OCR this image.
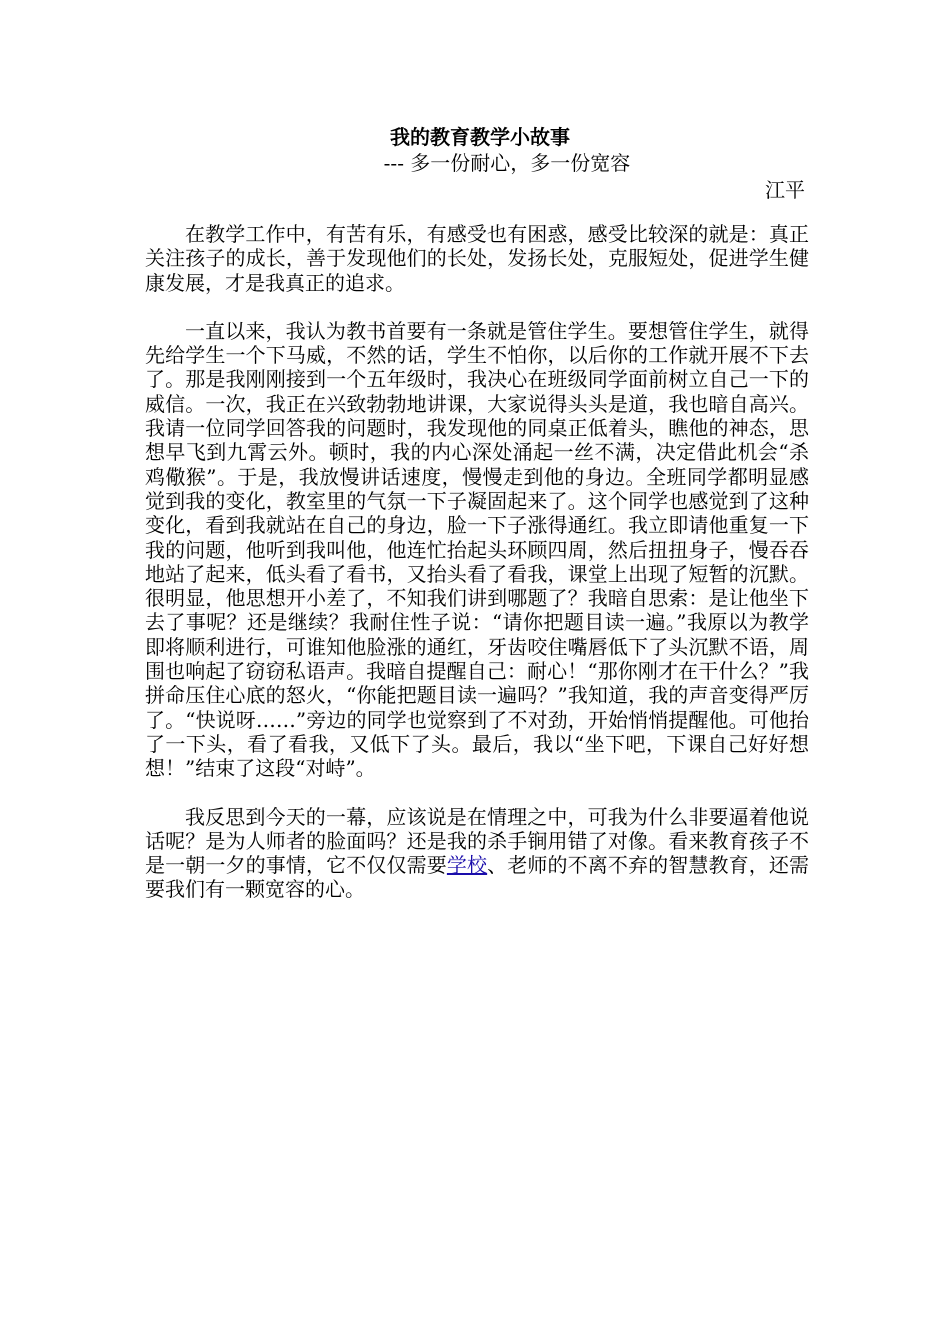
我的教育教学小故事
--- 多一份耐心，多一份宽容
江平

在教学工作中，有苦有乐，有感受也有困惑，感受比较深的就是：真正关注孩子的成长，善于发现他们的长处，发扬长处，克服短处，促进学生健康发展，才是我真正的追求。

一直以来，我认为教书首要有一条就是管住学生。要想管住学生，就得先给学生一个下马威，不然的话，学生不怕你，以后你的工作就开展不下去了。那是我刚刚接到一个五年级时，我决心在班级同学面前树立自己一下的威信。一次，我正在兴致勃勃地讲课，大家说得头头是道，我也暗自高兴。我请一位同学回答我的问题时，我发现他的同桌正低着头，瞧他的神态，思想早飞到九霄云外。顿时，我的内心深处涌起一丝不满，决定借此机会“杀鸡儆猴”。于是，我放慢讲话速度，慢慢走到他的身边。全班同学都明显感觉到我的变化，教室里的气氛一下子凝固起来了。这个同学也感觉到了这种变化，看到我就站在自己的身边，脸一下子涨得通红。我立即请他重复一下我的问题，他听到我叫他，他连忙抬起头环顾四周，然后扭扭身子，慢吞吞地站了起来，低头看了看书，又抬头看了看我，课堂上出现了短暂的沉默。很明显，他思想开小差了，不知我们讲到哪题了？我暗自思索：是让他坐下去了事呢？还是继续？我耐住性子说：“请你把题目读一遍。”我原以为教学即将顺利进行，可谁知他脸涨的通红，牙齿咬住嘴唇低下了头沉默不语，周围也响起了窃窃私语声。我暗自提醒自己：耐心！“那你刚才在干什么？”我拼命压住心底的怒火，“你能把题目读一遍吗？”我知道，我的声音变得严厉了。“快说呀……”旁边的同学也觉察到了不对劲，开始悄悄提醒他。可他抬了一下头，看了看我，又低下了头。最后，我以“坐下吧，下课自己好好想想！”结束了这段“对峙”。

我反思到今天的一幕，应该说是在情理之中，可我为什么非要逼着他说话呢？是为人师者的脸面吗？还是我的杀手锏用错了对像。看来教育孩子不是一朝一夕的事情，它不仅仅需要学校、老师的不离不弃的智慧教育，还需要我们有一颗宽容的心。
